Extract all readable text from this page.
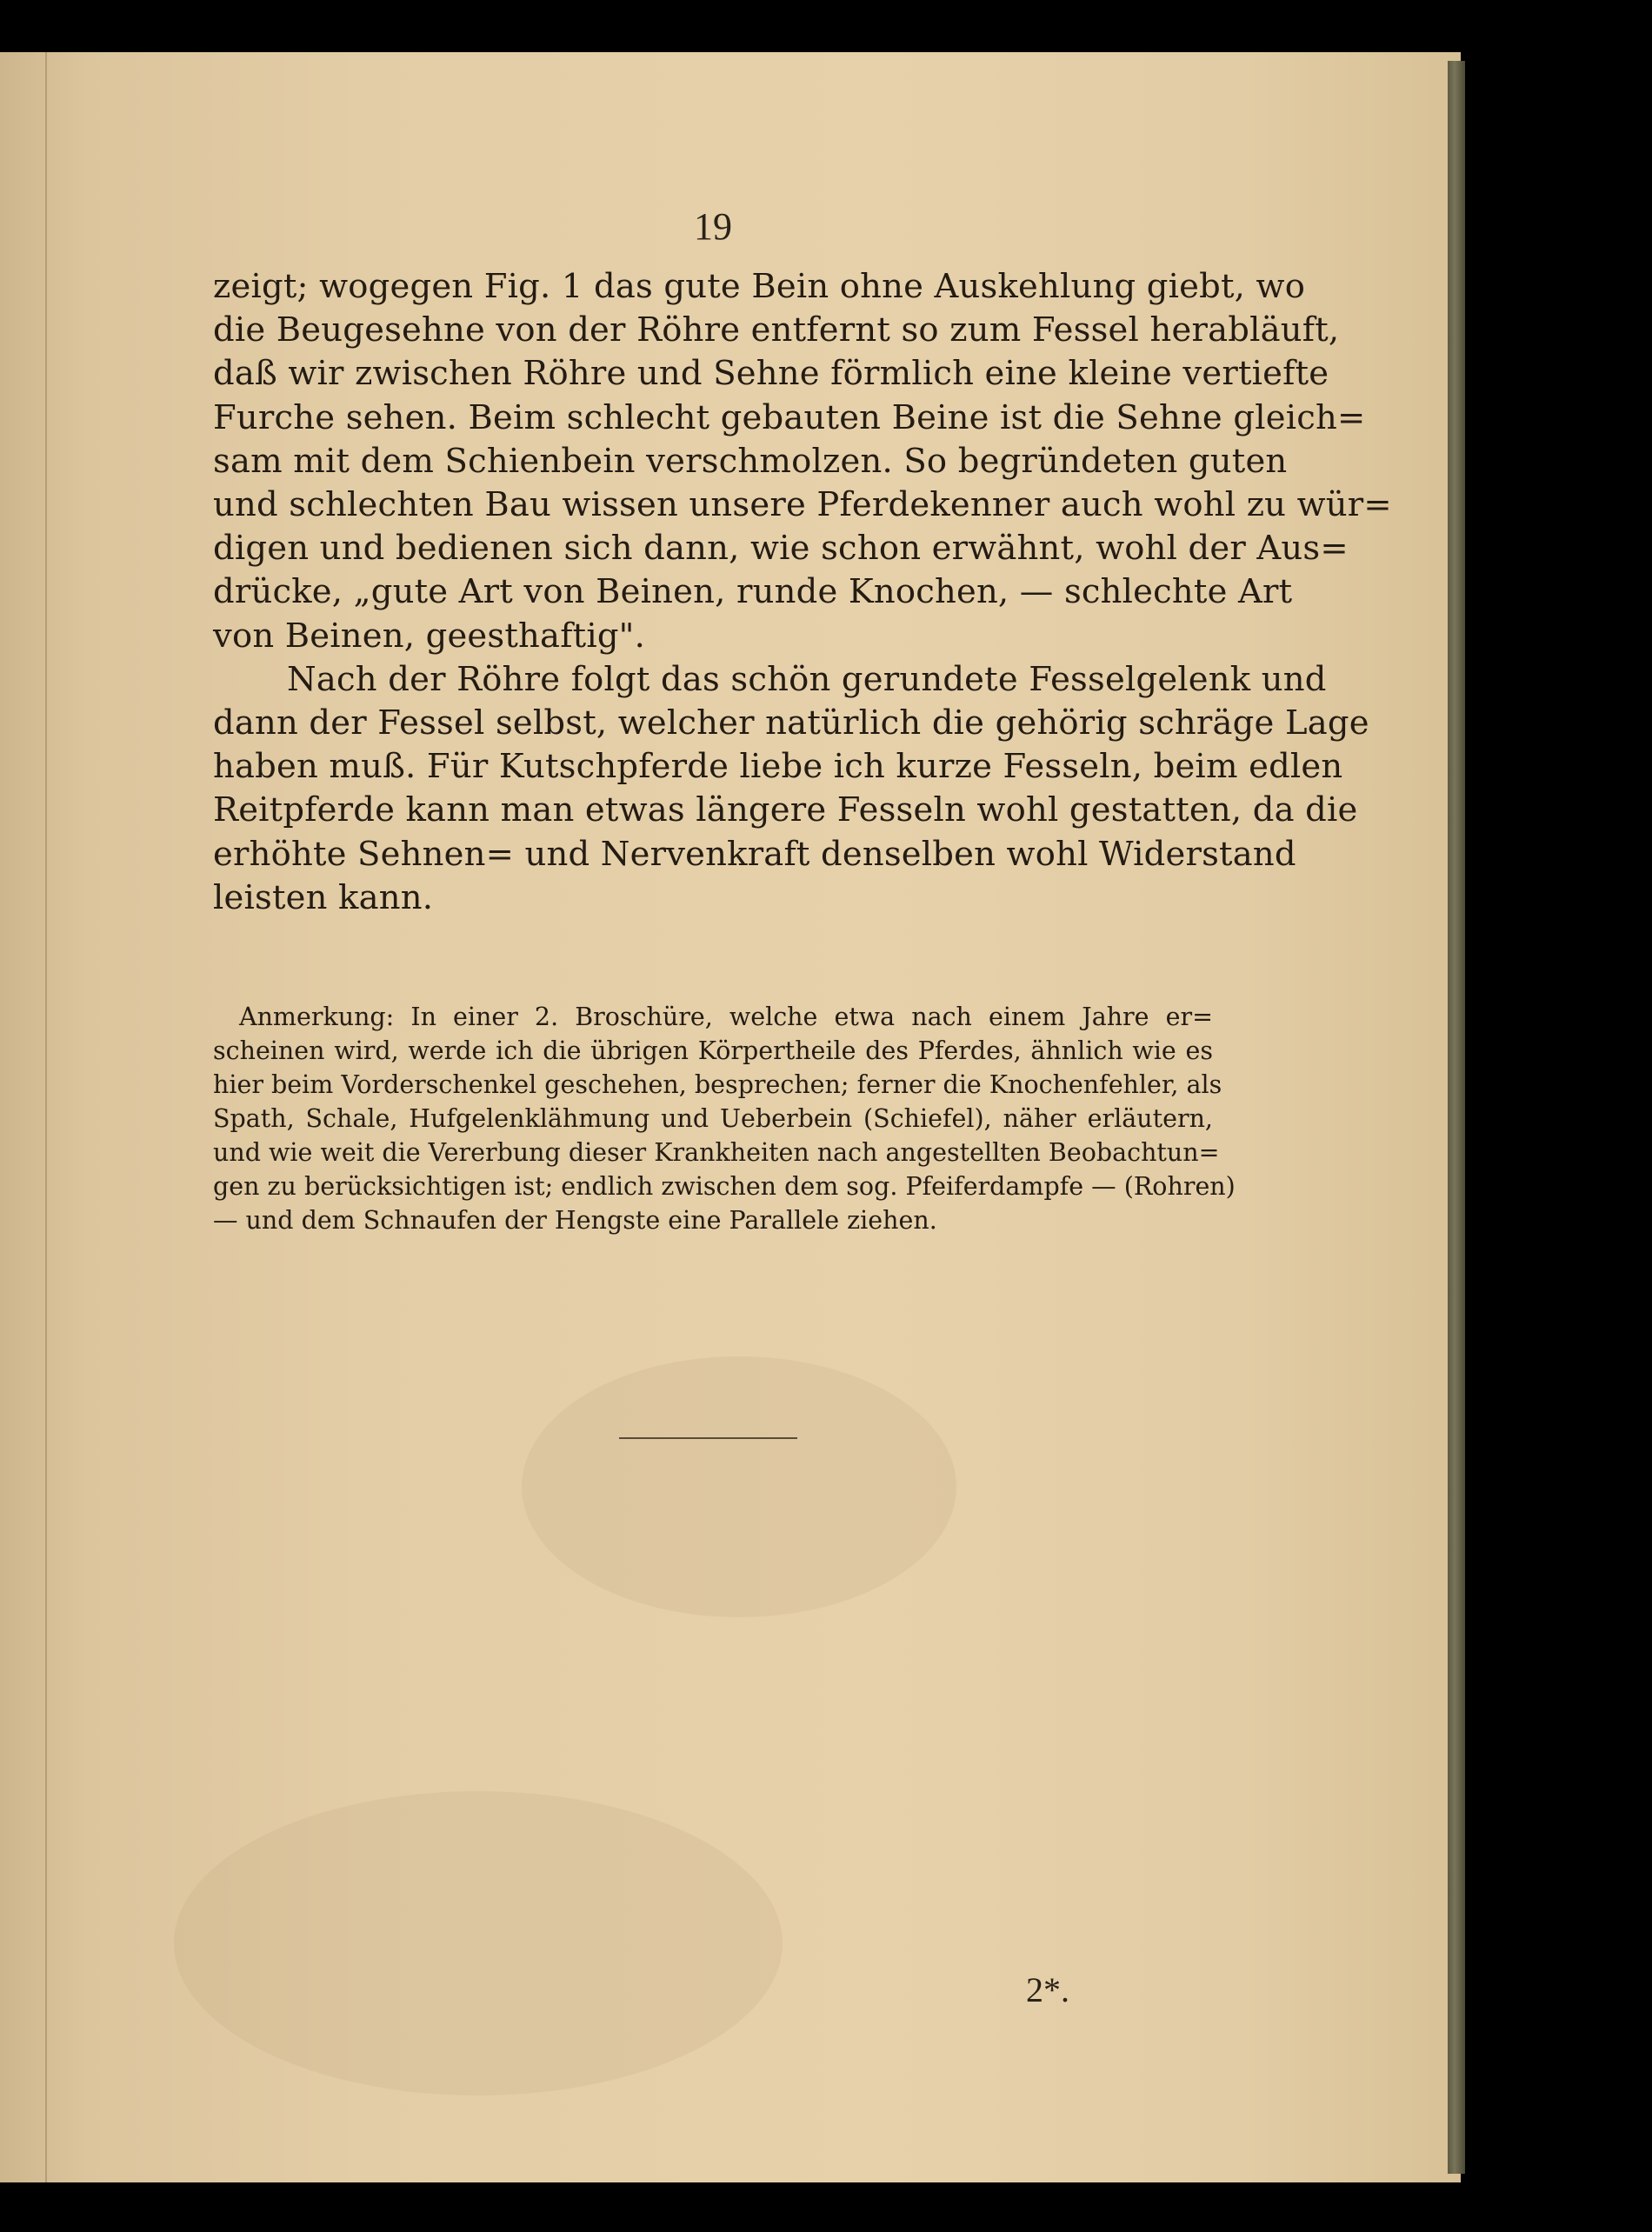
19
zeigt; wogegen Fig. 1 das gute Bein ohne Auskehlung giebt, wo
die Beugesehne von der Röhre entfernt so zum Fessel herabläuft,
daß wir zwischen Röhre und Sehne förmlich eine kleine vertiefte
Furche sehen. Beim schlecht gebauten Beine ist die Sehne gleich=
sam mit dem Schienbein verschmolzen. So begründeten guten
und schlechten Bau wissen unsere Pferdekenner auch wohl zu wür=
digen und bedienen sich dann, wie schon erwähnt, wohl der Aus=
drücke, „gute Art von Beinen, runde Knochen, — schlechte Art
von Beinen, geesthaftig".
Nach der Röhre folgt das schön gerundete Fesselgelenk und
dann der Fessel selbst, welcher natürlich die gehörig schräge Lage
haben muß. Für Kutschpferde liebe ich kurze Fesseln, beim edlen
Reitpferde kann man etwas längere Fesseln wohl gestatten, da die
erhöhte Sehnen= und Nervenkraft denselben wohl Widerstand
leisten kann.
Anmerkung: In einer 2. Broschüre, welche etwa nach einem Jahre er=
scheinen wird, werde ich die übrigen Körpertheile des Pferdes, ähnlich wie es
hier beim Vorderschenkel geschehen, besprechen; ferner die Knochenfehler, als
Spath, Schale, Hufgelenklähmung und Ueberbein (Schiefel), näher erläutern,
und wie weit die Vererbung dieser Krankheiten nach angestellten Beobachtun=
gen zu berücksichtigen ist; endlich zwischen dem sog. Pfeiferdampfe — (Rohren)
— und dem Schnaufen der Hengste eine Parallele ziehen.
2*.
